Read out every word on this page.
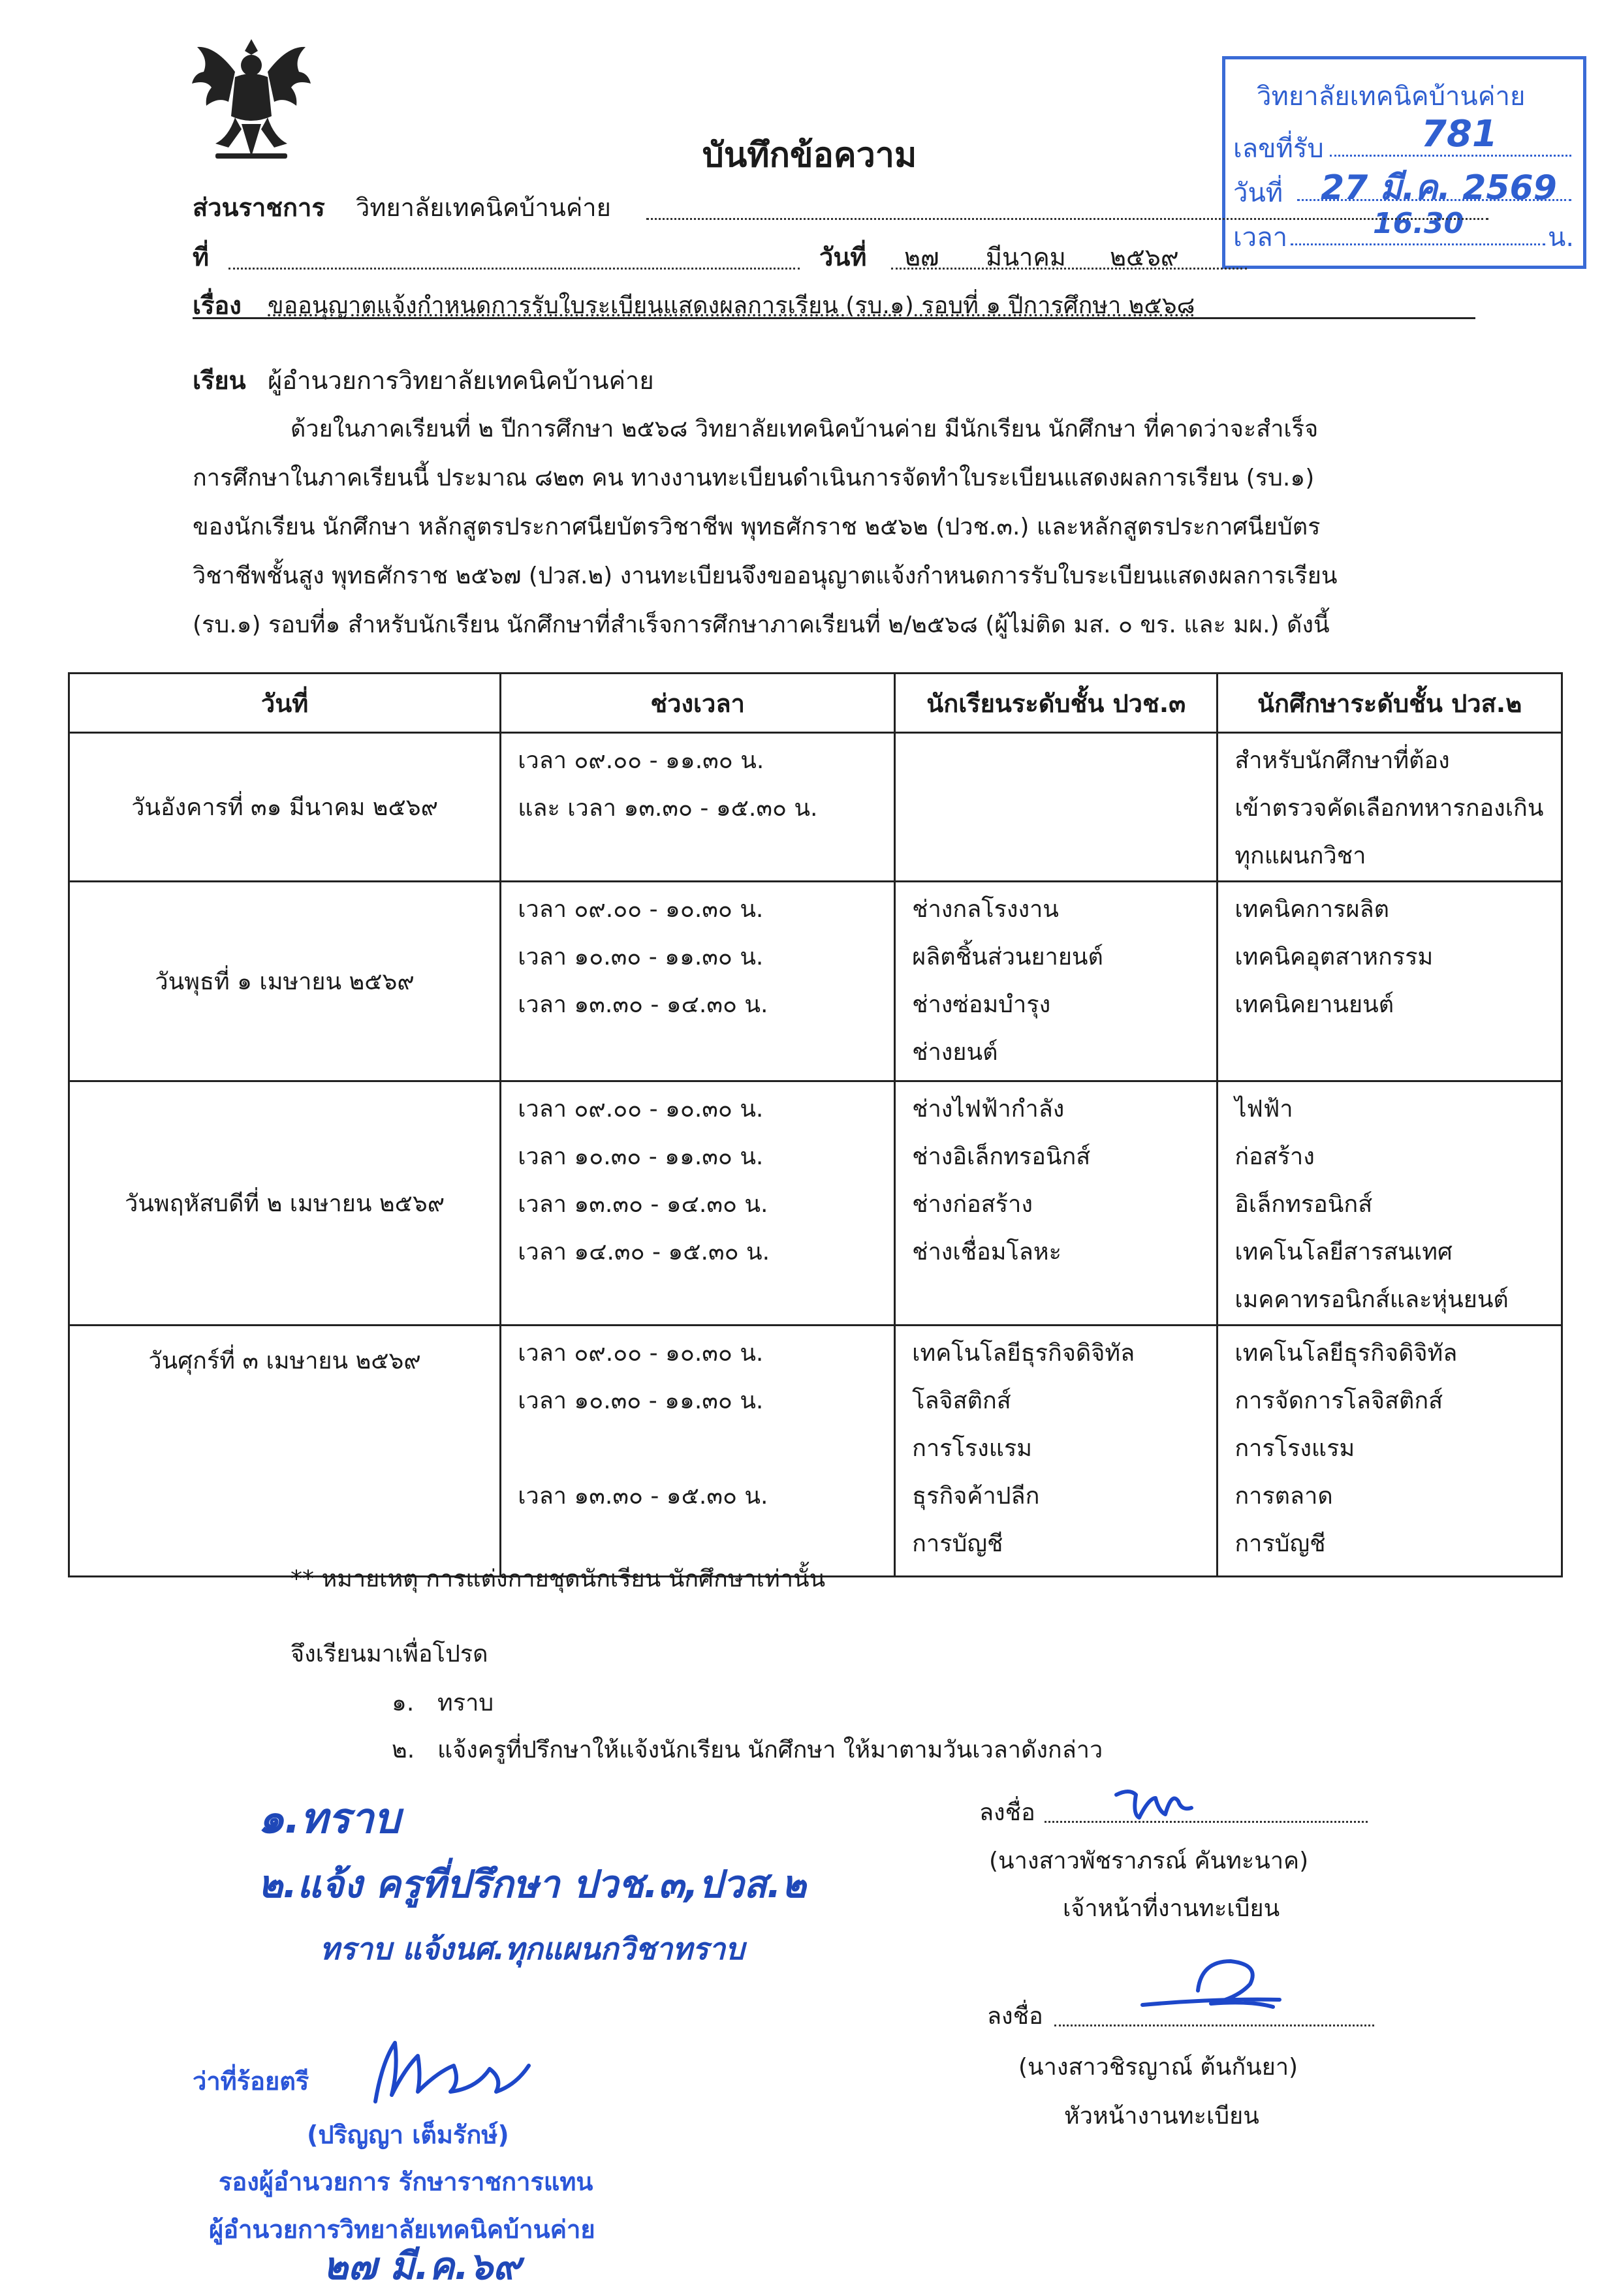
บันทึกข้อความ
วิทยาลัยเทคนิคบ้านค่าย
เลขที่รับ	781
วันที่ 27 มี.ค. 2569
เวลา	16.30	น.
ส่วนราชการ วิทยาลัยเทคนิคบ้านค่าย
ที่	วันที่ ๒๗ มีนาคม ๒๕๖๙
เรื่อง ขออนุญาตแจ้งกำหนดการรับใบระเบียนแสดงผลการเรียน (รบ.๑) รอบที่ ๑ ปีการศึกษา ๒๕๖๘
เรียน ผู้อำนวยการวิทยาลัยเทคนิคบ้านค่าย
ด้วยในภาคเรียนที่ ๒ ปีการศึกษา ๒๕๖๘ วิทยาลัยเทคนิคบ้านค่าย มีนักเรียน นักศึกษา ที่คาดว่าจะสำเร็จ
การศึกษาในภาคเรียนนี้ ประมาณ ๘๒๓ คน ทางงานทะเบียนดำเนินการจัดทำใบระเบียนแสดงผลการเรียน (รบ.๑)
ของนักเรียน นักศึกษา หลักสูตรประกาศนียบัตรวิชาชีพ พุทธศักราช ๒๕๖๒ (ปวช.๓.) และหลักสูตรประกาศนียบัตร
วิชาชีพชั้นสูง พุทธศักราช ๒๕๖๗ (ปวส.๒) งานทะเบียนจึงขออนุญาตแจ้งกำหนดการรับใบระเบียนแสดงผลการเรียน
(รบ.๑) รอบที่๑ สำหรับนักเรียน นักศึกษาที่สำเร็จการศึกษาภาคเรียนที่ ๒/๒๕๖๘ (ผู้ไม่ติด มส. ๐ ขร. และ มผ.) ดังนี้
วันที่	ช่วงเวลา	นักเรียนระดับชั้น ปวช.๓	นักศึกษาระดับชั้น ปวส.๒
วันอังคารที่ ๓๑ มีนาคม ๒๕๖๙	เวลา ๐๙.๐๐ - ๑๑.๓๐ น.
และ เวลา ๑๓.๓๐ - ๑๕.๓๐ น.		สำหรับนักศึกษาที่ต้อง
เข้าตรวจคัดเลือกทหารกองเกิน
ทุกแผนกวิชา

วันพุธที่ ๑ เมษายน ๒๕๖๙	เวลา ๐๙.๐๐ - ๑๐.๓๐ น.
เวลา ๑๐.๓๐ - ๑๑.๓๐ น.
เวลา ๑๓.๓๐ - ๑๔.๓๐ น.	ช่างกลโรงงาน
ผลิตชิ้นส่วนยายนต์
ช่างซ่อมบำรุง
ช่างยนต์	เทคนิคการผลิต
เทคนิคอุตสาหกรรม
เทคนิคยานยนต์

วันพฤหัสบดีที่ ๒ เมษายน ๒๕๖๙	เวลา ๐๙.๐๐ - ๑๐.๓๐ น.
เวลา ๑๐.๓๐ - ๑๑.๓๐ น.
เวลา ๑๓.๓๐ - ๑๔.๓๐ น.
เวลา ๑๔.๓๐ - ๑๕.๓๐ น.	ช่างไฟฟ้ากำลัง
ช่างอิเล็กทรอนิกส์
ช่างก่อสร้าง
ช่างเชื่อมโลหะ	ไฟฟ้า
ก่อสร้าง
อิเล็กทรอนิกส์
เทคโนโลยีสารสนเทศ
เมคคาทรอนิกส์และหุ่นยนต์

วันศุกร์ที่ ๓ เมษายน ๒๕๖๙	เวลา ๐๙.๐๐ - ๑๐.๓๐ น.
เวลา ๑๐.๓๐ - ๑๑.๓๐ น.
เวลา ๑๓.๓๐ - ๑๕.๓๐ น.	เทคโนโลยีธุรกิจดิจิทัล
โลจิสติกส์
การโรงแรม
ธุรกิจค้าปลีก
การบัญชี	เทคโนโลยีธุรกิจดิจิทัล
การจัดการโลจิสติกส์
การโรงแรม
การตลาด
การบัญชี
** หมายเหตุ การแต่งกายชุดนักเรียน นักศึกษาเท่านั้น
จึงเรียนมาเพื่อโปรด
๑. ทราบ
๒. แจ้งครูที่ปรึกษาให้แจ้งนักเรียน นักศึกษา ให้มาตามวันเวลาดังกล่าว
ลงชื่อ
(นางสาวพัชราภรณ์ คันทะนาค)
เจ้าหน้าที่งานทะเบียน
ลงชื่อ
(นางสาวชิรญาณ์ ต้นกันยา)
หัวหน้างานทะเบียน
๑.ทราบ
๒.แจ้ง ครูที่ปรึกษา ปวช.๓,ปวส.๒
ทราบ แจ้งนศ.ทุกแผนกวิชาทราบ
ว่าที่ร้อยตรี
(ปริญญา เต็มรักษ์)
รองผู้อำนวยการ รักษาราชการแทน
ผู้อำนวยการวิทยาลัยเทคนิคบ้านค่าย
๒๗ มี.ค.๖๙
